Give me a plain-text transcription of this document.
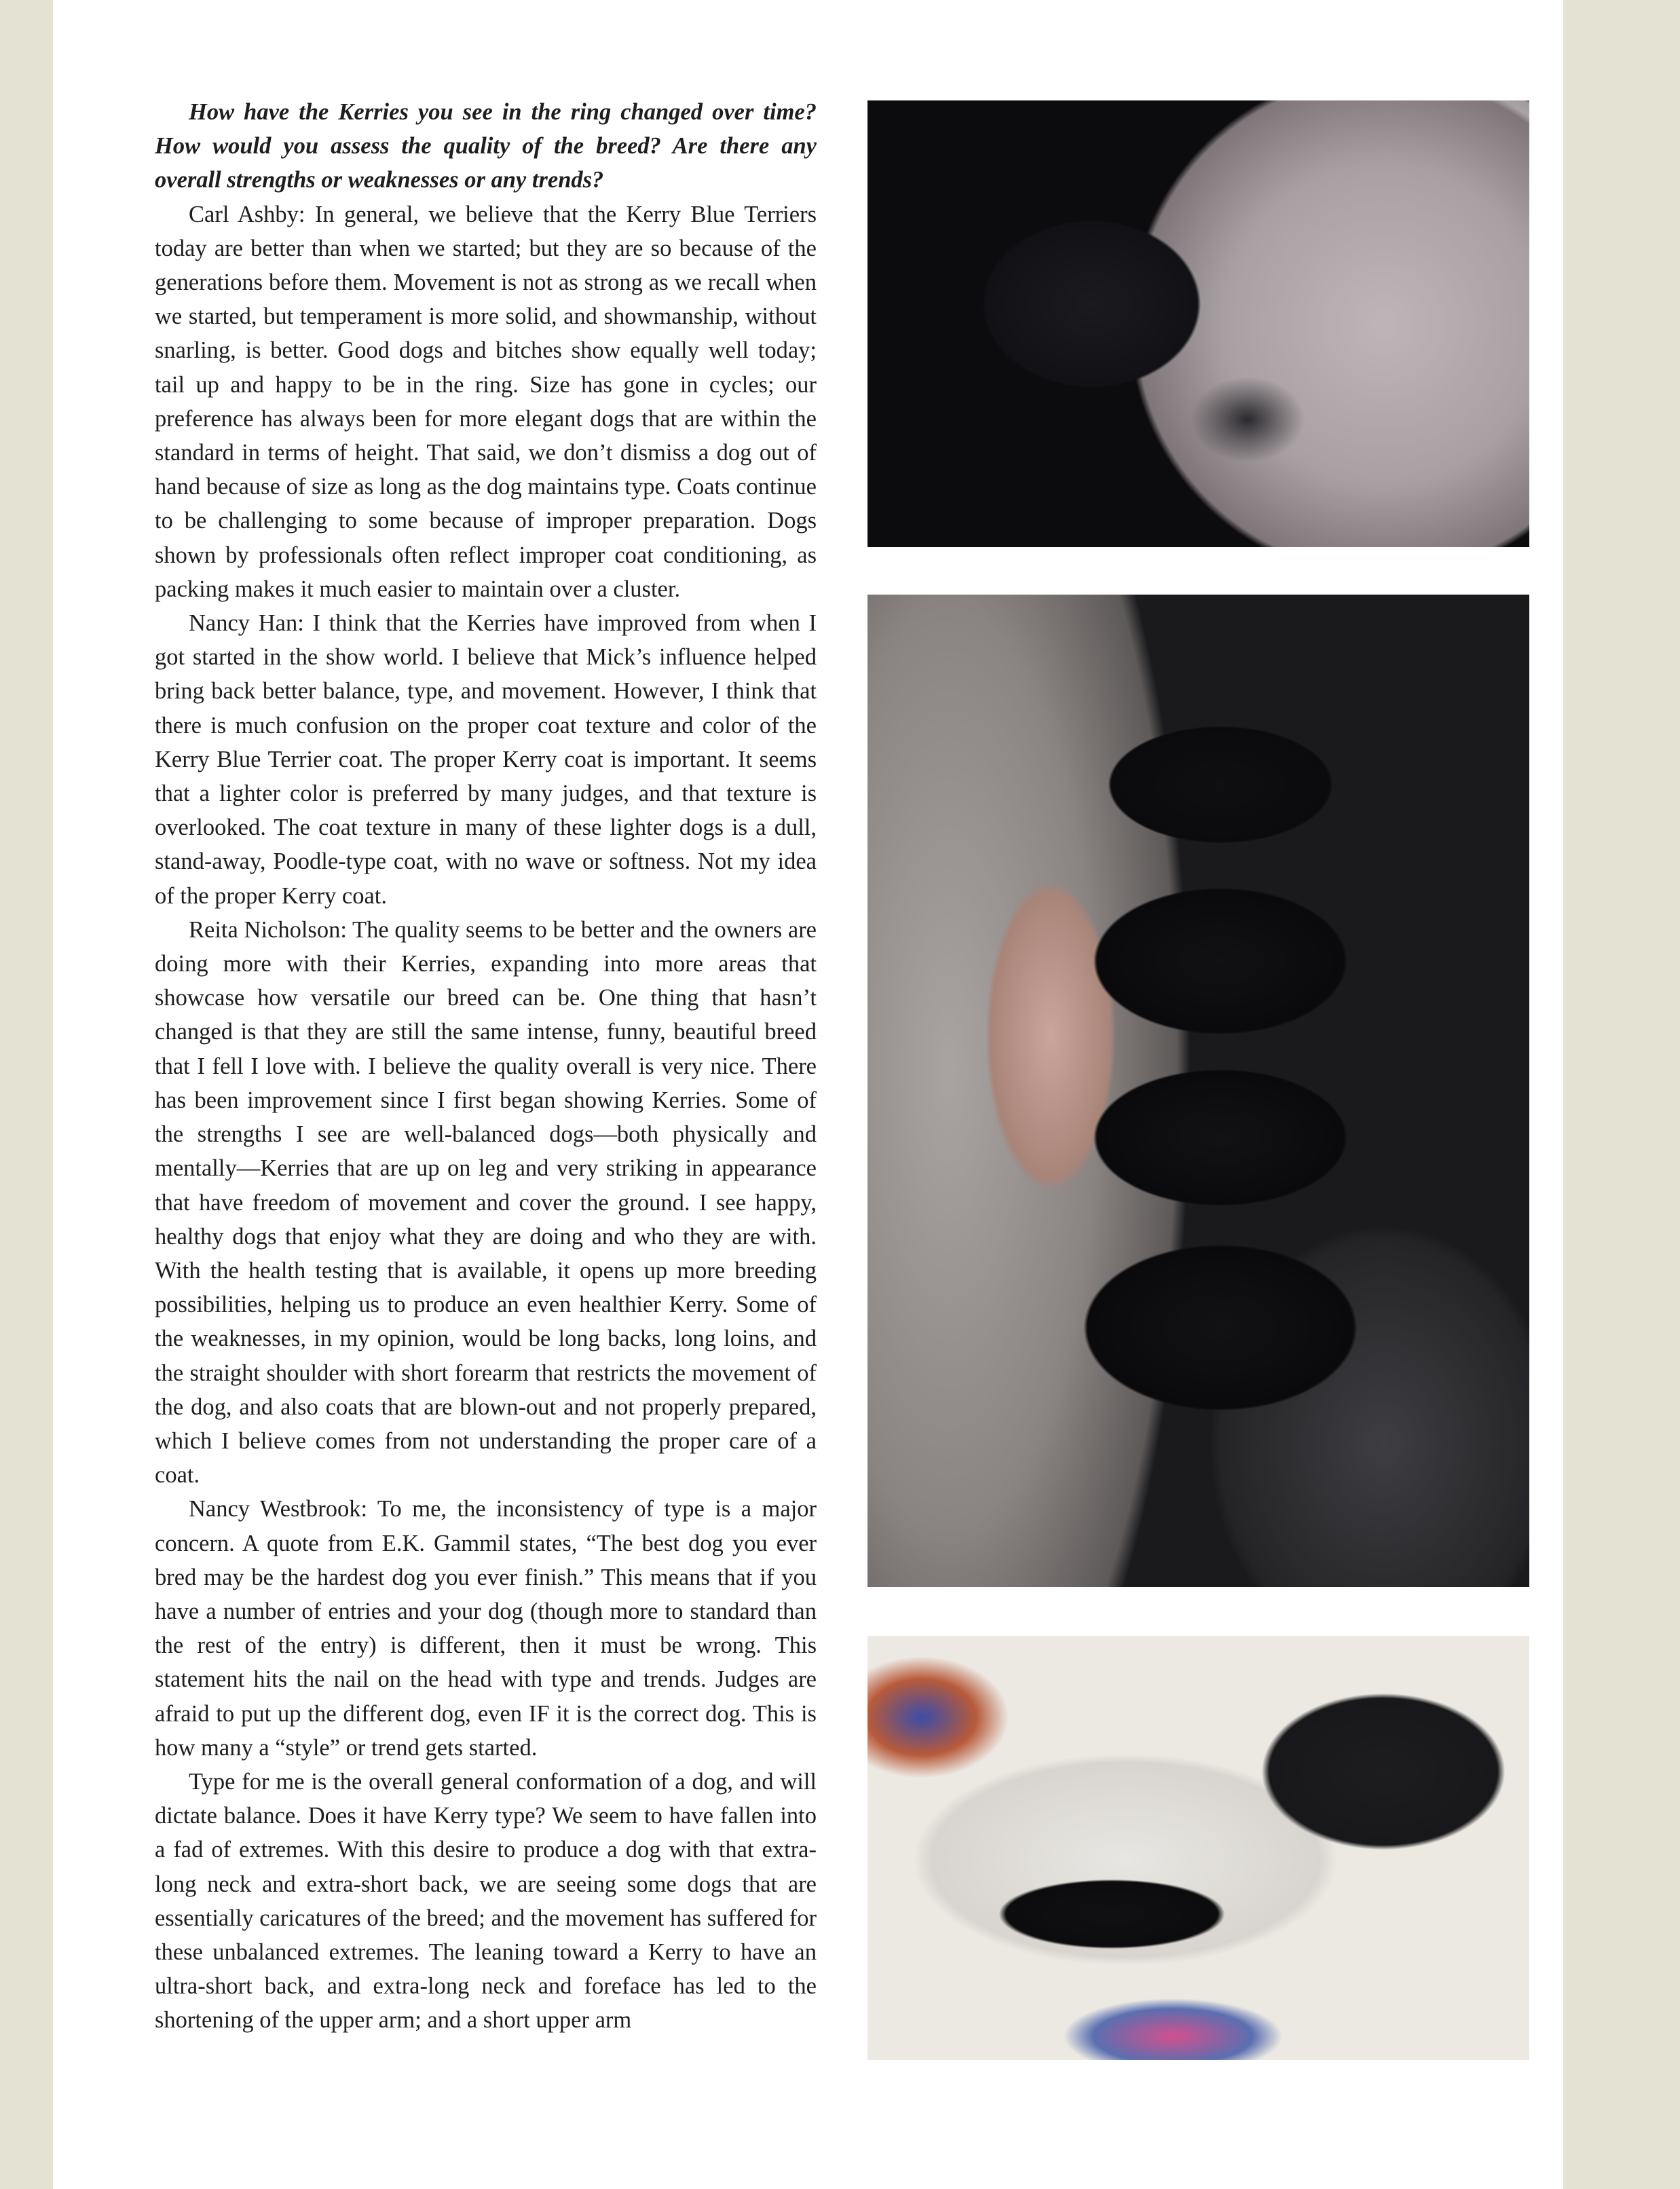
How have the Kerries you see in the ring changed over time? How would you assess the quality of the breed? Are there any overall strengths or weaknesses or any trends?

Carl Ashby: In general, we believe that the Kerry Blue Terriers today are better than when we started; but they are so because of the generations before them. Movement is not as strong as we recall when we started, but temperament is more solid, and showmanship, without snarling, is better. Good dogs and bitches show equally well today; tail up and happy to be in the ring. Size has gone in cycles; our preference has always been for more elegant dogs that are within the standard in terms of height. That said, we don’t dismiss a dog out of hand because of size as long as the dog maintains type. Coats continue to be challenging to some because of improper preparation. Dogs shown by professionals often reflect improper coat conditioning, as packing makes it much easier to maintain over a cluster.

Nancy Han: I think that the Kerries have improved from when I got started in the show world. I believe that Mick’s influence helped bring back better balance, type, and movement. However, I think that there is much confusion on the proper coat texture and color of the Kerry Blue Terrier coat. The proper Kerry coat is important. It seems that a lighter color is preferred by many judges, and that texture is overlooked. The coat texture in many of these lighter dogs is a dull, stand-away, Poodle-type coat, with no wave or softness. Not my idea of the proper Kerry coat.

Reita Nicholson: The quality seems to be better and the owners are doing more with their Kerries, expanding into more areas that showcase how versatile our breed can be. One thing that hasn’t changed is that they are still the same intense, funny, beautiful breed that I fell I love with. I believe the quality overall is very nice. There has been improvement since I first began showing Kerries. Some of the strengths I see are well-balanced dogs—both physically and mentally—Kerries that are up on leg and very striking in appearance that have freedom of movement and cover the ground. I see happy, healthy dogs that enjoy what they are doing and who they are with. With the health testing that is available, it opens up more breeding possibilities, helping us to produce an even healthier Kerry. Some of the weaknesses, in my opinion, would be long backs, long loins, and the straight shoulder with short forearm that restricts the movement of the dog, and also coats that are blown-out and not properly prepared, which I believe comes from not understanding the proper care of a coat.

Nancy Westbrook: To me, the inconsistency of type is a major concern. A quote from E.K. Gammil states, “The best dog you ever bred may be the hardest dog you ever finish.” This means that if you have a number of entries and your dog (though more to standard than the rest of the entry) is different, then it must be wrong. This statement hits the nail on the head with type and trends. Judges are afraid to put up the different dog, even IF it is the correct dog. This is how many a “style” or trend gets started.

Type for me is the overall general conformation of a dog, and will dictate balance. Does it have Kerry type? We seem to have fallen into a fad of extremes. With this desire to produce a dog with that extra-long neck and extra-short back, we are seeing some dogs that are essentially caricatures of the breed; and the movement has suffered for these unbalanced extremes. The leaning toward a Kerry to have an ultra-short back, and extra-long neck and foreface has led to the shortening of the upper arm; and a short upper arm
